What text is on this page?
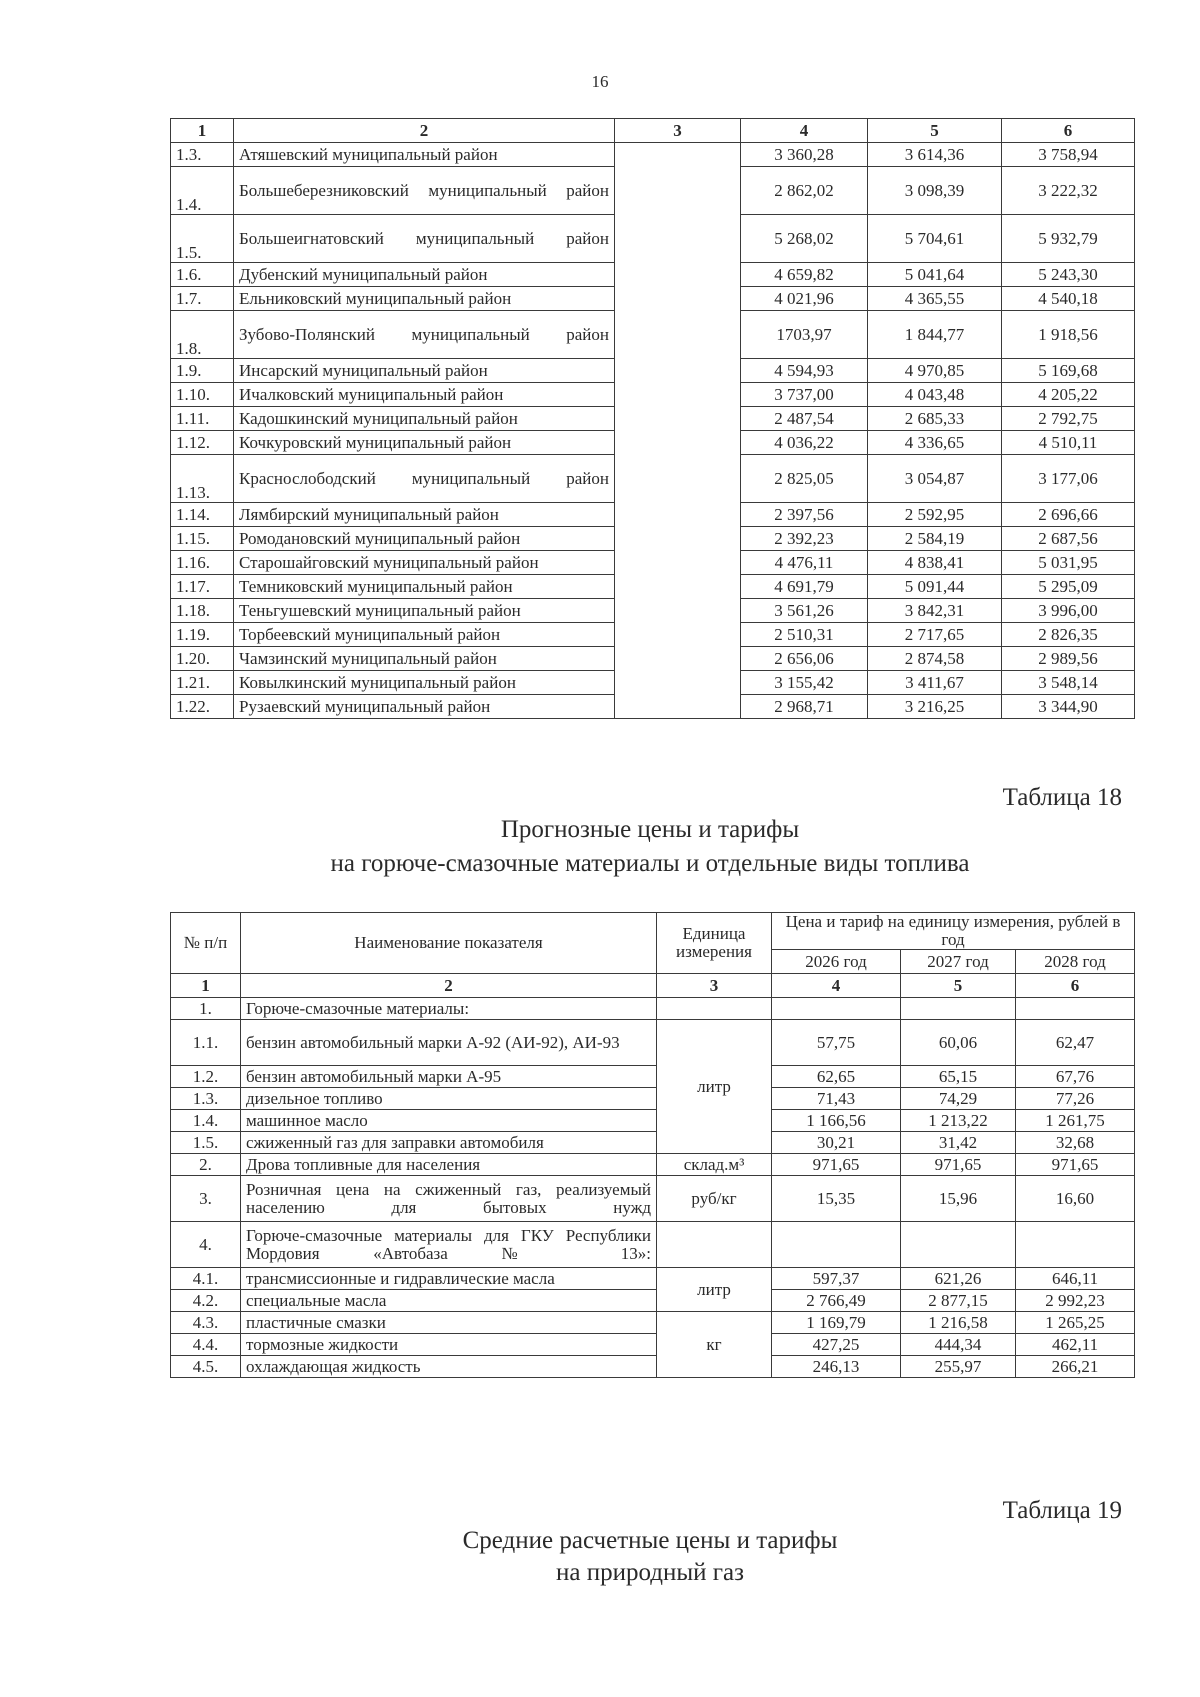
16
1	2	3	4	5	6
1.3.	Атяшевский муниципальный район		3 360,28	3 614,36	3 758,94
1.4.	Большеберезниковский муниципальный район		2 862,02	3 098,39	3 222,32
1.5.	Большеигнатовский муниципальный район		5 268,02	5 704,61	5 932,79
1.6.	Дубенский муниципальный район		4 659,82	5 041,64	5 243,30
1.7.	Ельниковский муниципальный район		4 021,96	4 365,55	4 540,18
1.8.	Зубово-Полянский муниципальный район		1703,97	1 844,77	1 918,56
1.9.	Инсарский муниципальный район		4 594,93	4 970,85	5 169,68
1.10.	Ичалковский муниципальный район		3 737,00	4 043,48	4 205,22
1.11.	Кадошкинский муниципальный район		2 487,54	2 685,33	2 792,75
1.12.	Кочкуровский муниципальный район		4 036,22	4 336,65	4 510,11
1.13.	Краснослободский муниципальный район		2 825,05	3 054,87	3 177,06
1.14.	Лямбирский муниципальный район		2 397,56	2 592,95	2 696,66
1.15.	Ромодановский муниципальный район		2 392,23	2 584,19	2 687,56
1.16.	Старошайговский муниципальный район		4 476,11	4 838,41	5 031,95
1.17.	Темниковский муниципальный район		4 691,79	5 091,44	5 295,09
1.18.	Теньгушевский муниципальный район		3 561,26	3 842,31	3 996,00
1.19.	Торбеевский муниципальный район		2 510,31	2 717,65	2 826,35
1.20.	Чамзинский муниципальный район		2 656,06	2 874,58	2 989,56
1.21.	Ковылкинский муниципальный район		3 155,42	3 411,67	3 548,14
1.22.	Рузаевский муниципальный район		2 968,71	3 216,25	3 344,90
Таблица 18
Прогнозные цены и тарифы
на горюче-смазочные материалы и отдельные виды топлива
№ п/п	Наименование показателя	Единица измерения	Цена и тариф на единицу измерения, рублей в год		
			2026 год	2027 год	2028 год
1	2	3	4	5	6
1.	Горюче-смазочные материалы:				
1.1.	бензин автомобильный марки А-92 (АИ-92), АИ-93	литр	57,75	60,06	62,47
1.2.	бензин автомобильный марки А-95		62,65	65,15	67,76
1.3.	дизельное топливо		71,43	74,29	77,26
1.4.	машинное масло		1 166,56	1 213,22	1 261,75
1.5.	сжиженный газ для заправки автомобиля		30,21	31,42	32,68
2.	Дрова топливные для населения	склад.м³	971,65	971,65	971,65
3.	Розничная цена на сжиженный газ, реализуемый населению для бытовых нужд	руб/кг	15,35	15,96	16,60
4.	Горюче-смазочные материалы для ГКУ Республики Мордовия «Автобаза № 13»:				
4.1.	трансмиссионные и гидравлические масла	литр	597,37	621,26	646,11
4.2.	специальные масла		2 766,49	2 877,15	2 992,23
4.3.	пластичные смазки	кг	1 169,79	1 216,58	1 265,25
4.4.	тормозные жидкости		427,25	444,34	462,11
4.5.	охлаждающая жидкость		246,13	255,97	266,21
Таблица 19
Средние расчетные цены и тарифы
на природный газ
